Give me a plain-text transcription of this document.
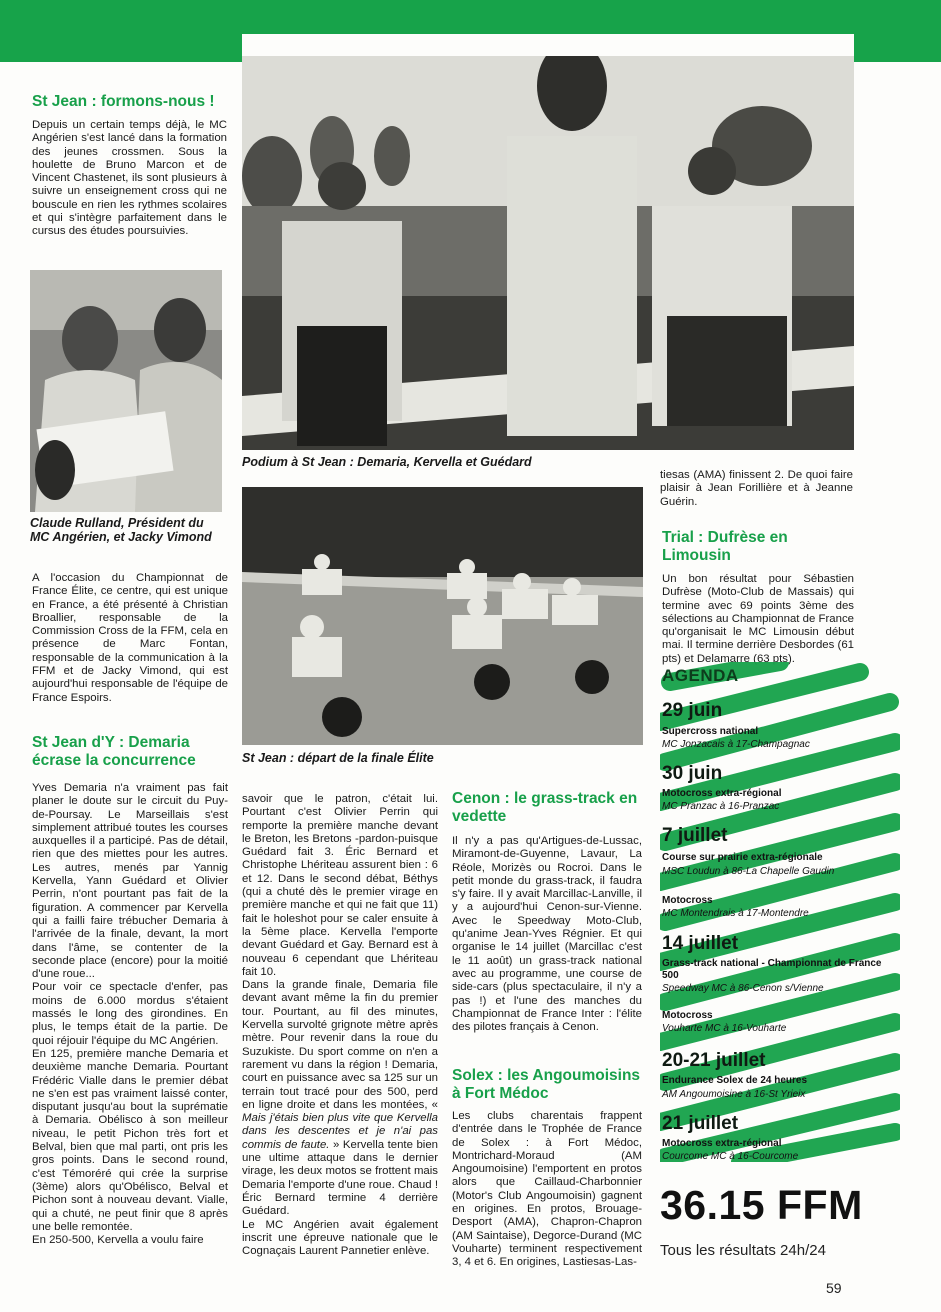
St Jean : formons-nous !

Depuis un certain temps déjà, le MC Angérien s'est lancé dans la formation des jeunes crossmen. Sous la houlette de Bruno Marcon et de Vincent Chastenet, ils sont plusieurs à suivre un enseignement cross qui ne bouscule en rien les rythmes scolaires et qui s'intègre parfaitement dans le cursus des études poursuivies.

Claude Rulland, Président du MC Angérien, et Jacky Vimond

A l'occasion du Championnat de France Élite, ce centre, qui est unique en France, a été présenté à Christian Broallier, responsable de la Commission Cross de la FFM, cela en présence de Marc Fontan, responsable de la communication à la FFM et de Jacky Vimond, qui est aujourd'hui responsable de l'équipe de France Espoirs.

St Jean d'Y : Demaria écrase la concurrence

Yves Demaria n'a vraiment pas fait planer le doute sur le circuit du Puy-de-Poursay. Le Marseillais s'est simplement attribué toutes les courses auxquelles il a participé. Pas de détail, rien que des miettes pour les autres. Les autres, menés par Yannig Kervella, Yann Guédard et Olivier Perrin, n'ont pourtant pas fait de la figuration. A commencer par Kervella qui a failli faire trébucher Demaria à l'arrivée de la finale, devant, la mort dans l'âme, se contenter de la seconde place (encore) pour la moitié d'une roue...

Pour voir ce spectacle d'enfer, pas moins de 6.000 mordus s'étaient massés le long des girondines. En plus, le temps était de la partie. De quoi réjouir l'équipe du MC Angérien.

En 125, première manche Demaria et deuxième manche Demaria. Pourtant Frédéric Vialle dans le premier débat ne s'en est pas vraiment laissé conter, disputant jusqu'au bout la suprématie à Demaria. Obélisco à son meilleur niveau, le petit Pichon très fort et Belval, bien que mal parti, ont pris les gros points. Dans le second round, c'est Témoréré qui crée la surprise (3ème) alors qu'Obélisco, Belval et Pichon sont à nouveau devant. Vialle, qui a chuté, ne peut finir que 8 après une belle remontée.

En 250-500, Kervella a voulu faire

savoir que le patron, c'était lui. Pourtant c'est Olivier Perrin qui remporte la première manche devant le Breton, les Bretons -pardon-puisque Guédard fait 3. Éric Bernard et Christophe Lhériteau assurent bien : 6 et 12. Dans le second débat, Béthys (qui a chuté dès le premier virage en première manche et qui ne fait que 11) fait le holeshot pour se caler ensuite à la 5ème place. Kervella l'emporte devant Guédard et Gay. Bernard est à nouveau 6 cependant que Lhériteau fait 10.

Dans la grande finale, Demaria file devant avant même la fin du premier tour. Pourtant, au fil des minutes, Kervella survolté grignote mètre après mètre. Pour revenir dans la roue du Suzukiste. Du sport comme on n'en a rarement vu dans la région ! Demaria, court en puissance avec sa 125 sur un terrain tout tracé pour des 500, perd en ligne droite et dans les montées, « Mais j'étais bien plus vite que Kervella dans les descentes et je n'ai pas commis de faute. » Kervella tente bien une ultime attaque dans le dernier virage, les deux motos se frottent mais Demaria l'emporte d'une roue. Chaud ! Éric Bernard termine 4 derrière Guédard.

Le MC Angérien avait également inscrit une épreuve nationale que le Cognaçais Laurent Pannetier enlève.

Podium à St Jean : Demaria, Kervella et Guédard
St Jean : départ de la finale Élite
Cenon : le grass-track en vedette

Il n'y a pas qu'Artigues-de-Lussac, Miramont-de-Guyenne, Lavaur, La Réole, Morizès ou Rocroi. Dans le petit monde du grass-track, il faudra s'y faire. Il y avait Marcillac-Lanville, il y a aujourd'hui Cenon-sur-Vienne. Avec le Speedway Moto-Club, qu'anime Jean-Yves Régnier. Et qui organise le 14 juillet (Marcillac c'est le 11 août) un grass-track national avec au programme, une course de side-cars (plus spectaculaire, il n'y a pas !) et l'une des manches du Championnat de France Inter : l'élite des pilotes français à Cenon.

Solex : les Angoumoisins à Fort Médoc

Les clubs charentais frappent d'entrée dans le Trophée de France de Solex : à Fort Médoc, Montrichard-Moraud (AM Angoumoisine) l'emportent en protos alors que Caillaud-Charbonnier (Motor's Club Angoumoisin) gagnent en origines. En protos, Brouage-Desport (AMA), Chapron-Chapron (AM Saintaise), Degorce-Durand (MC Vouharte) terminent respectivement 3, 4 et 6. En origines, Lastiesas-Las-

tiesas (AMA) finissent 2. De quoi faire plaisir à Jean Forillière et à Jeanne Guérin.

Trial : Dufrèse en Limousin

Un bon résultat pour Sébastien Dufrèse (Moto-Club de Massais) qui termine avec 69 points 3ème des sélections au Championnat de France qu'organisait le MC Limousin début mai. Il termine derrière Desbordes (61 pts) et Delamarre (63 pts).

AGENDA
29 juin
Supercross national
MC Jonzacais à 17-Champagnac
30 juin
Motocross extra-régional
MC Pranzac à 16-Pranzac
7 juillet
Course sur prairie extra-régionale
MSC Loudun à 86-La Chapelle Gaudin
Motocross
MC Montendrais à 17-Montendre
14 juillet
Grass-track national - Championnat de France 500
Speedway MC à 86-Cenon s/Vienne
Motocross
Vouharte MC à 16-Vouharte
20-21 juillet
Endurance Solex de 24 heures
AM Angoumoisine à 16-St Yrieix
21 juillet
Motocross extra-régional
Courcome MC à 16-Courcome
36.15 FFM
Tous les résultats 24h/24
59
